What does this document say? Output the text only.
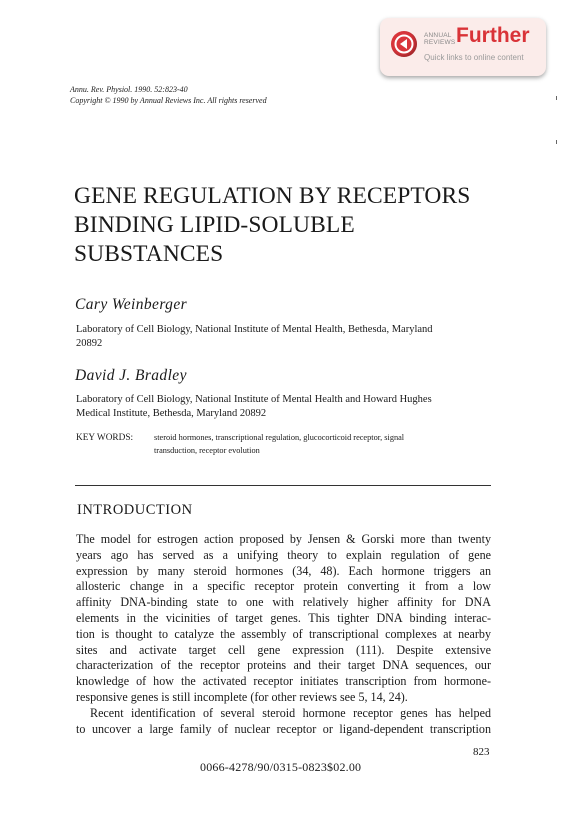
ANNUAL
REVIEWS Further
Quick links to online content
Annu. Rev. Physiol. 1990. 52:823-40
Copyright © 1990 by Annual Reviews Inc. All rights reserved
GENE REGULATION BY RECEPTORS
BINDING LIPID-SOLUBLE
SUBSTANCES
Cary Weinberger
Laboratory of Cell Biology, National Institute of Mental Health, Bethesda, Maryland
20892
David J. Bradley
Laboratory of Cell Biology, National Institute of Mental Health and Howard Hughes
Medical Institute, Bethesda, Maryland 20892
KEY WORDS:	steroid hormones, transcriptional regulation, glucocorticoid receptor, signal
transduction, receptor evolution
INTRODUCTION
The model for estrogen action proposed by Jensen & Gorski more than twenty
years ago has served as a unifying theory to explain regulation of gene
expression by many steroid hormones (34, 48). Each hormone triggers an
allosteric change in a specific receptor protein converting it from a low
affinity DNA-binding state to one with relatively higher affinity for DNA
elements in the vicinities of target genes. This tighter DNA binding interac-
tion is thought to catalyze the assembly of transcriptional complexes at nearby
sites and activate target cell gene expression (111). Despite extensive
characterization of the receptor proteins and their target DNA sequences, our
knowledge of how the activated receptor initiates transcription from hormone-
responsive genes is still incomplete (for other reviews see 5, 14, 24).
Recent identification of several steroid hormone receptor genes has helped
to uncover a large family of nuclear receptor or ligand-dependent transcription
823
0066-4278/90/0315-0823$02.00
